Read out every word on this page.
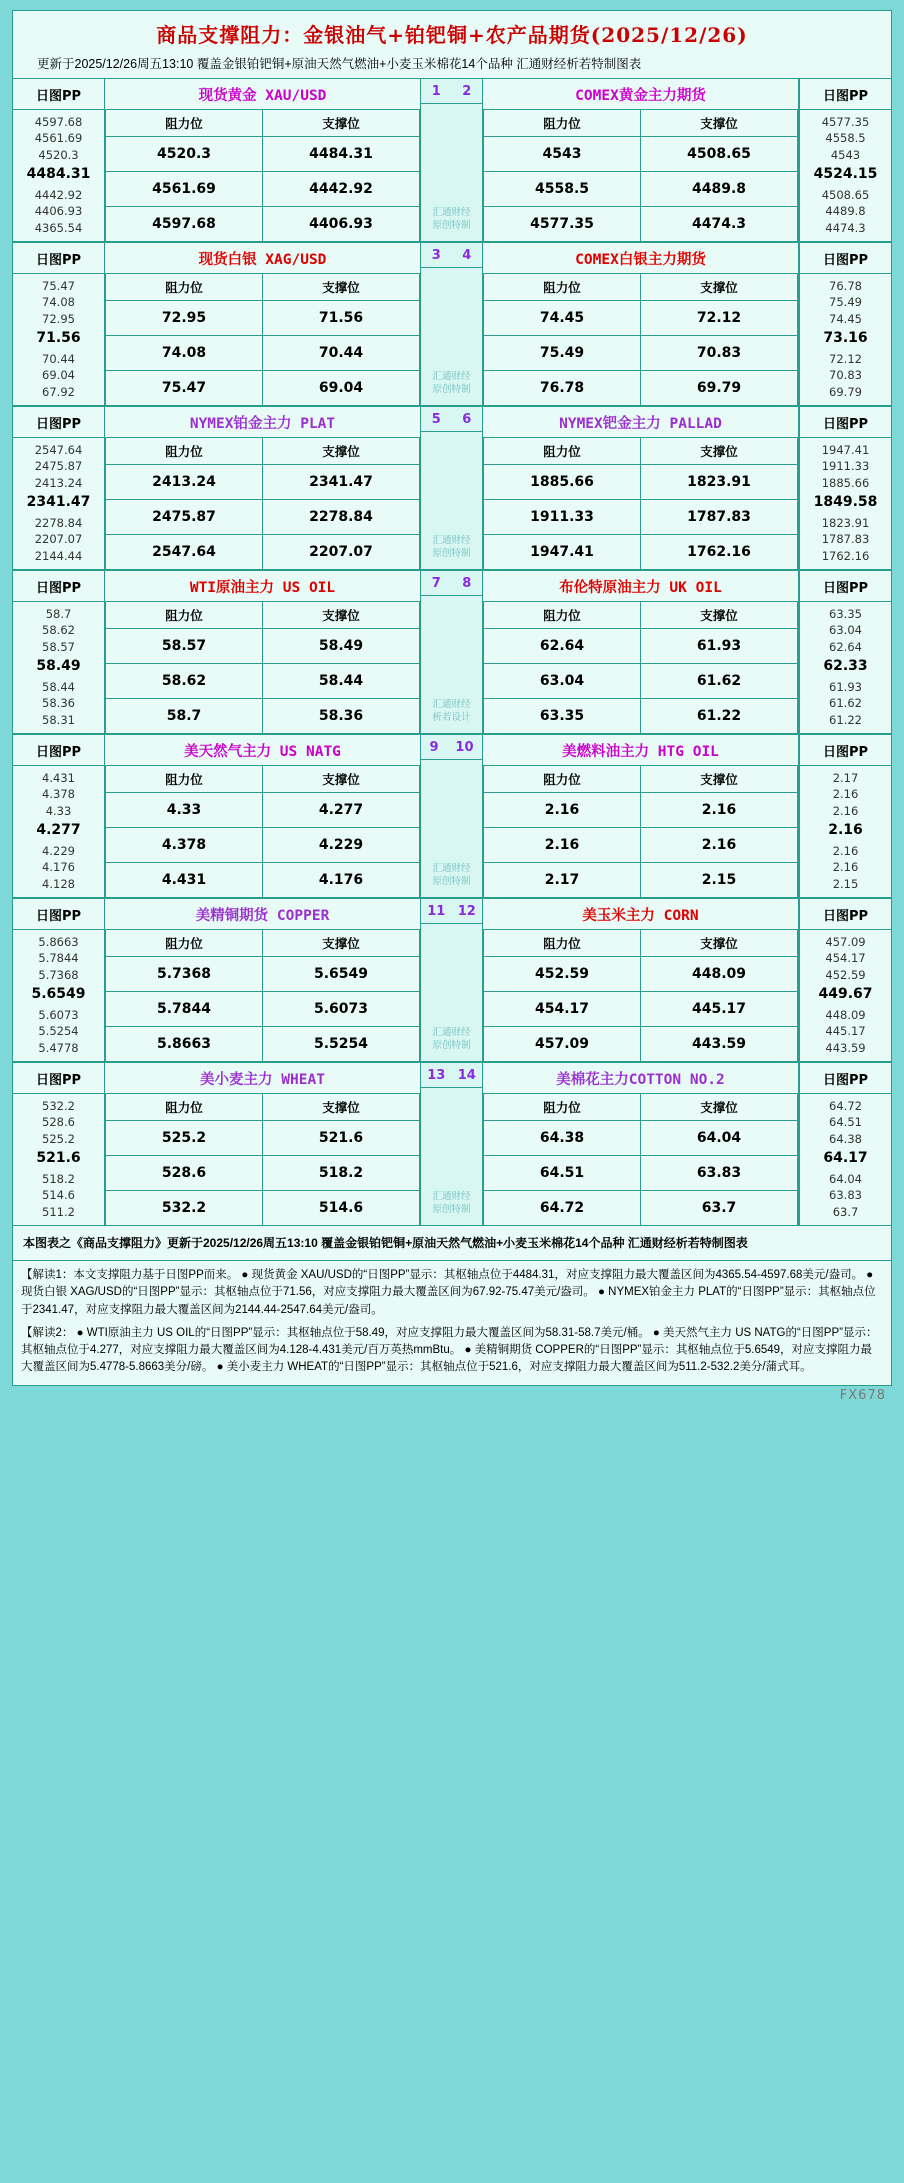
商品支撑阻力：金银油气+铂钯铜+农产品期货(2025/12/26)
更新于2025/12/26周五13:10 覆盖金银铂钯铜+原油天然气燃油+小麦玉米棉花14个品种 汇通财经析若特制图表
日图PP
4597.68
4561.69
4520.3
4484.31
4442.92
4406.93
4365.54
现货黄金 XAU/USD
阻力位	支撑位
4520.3	4484.31
4561.69	4442.92
4597.68	4406.93
1 2
汇通财经
原创特制
COMEX黄金主力期货
阻力位	支撑位
4543	4508.65
4558.5	4489.8
4577.35	4474.3
日图PP
4577.35
4558.5
4543
4524.15
4508.65
4489.8
4474.3
日图PP
75.47
74.08
72.95
71.56
70.44
69.04
67.92
现货白银 XAG/USD
阻力位	支撑位
72.95	71.56
74.08	70.44
75.47	69.04
3 4
汇通财经
原创特制
COMEX白银主力期货
阻力位	支撑位
74.45	72.12
75.49	70.83
76.78	69.79
日图PP
76.78
75.49
74.45
73.16
72.12
70.83
69.79
日图PP
2547.64
2475.87
2413.24
2341.47
2278.84
2207.07
2144.44
NYMEX铂金主力 PLAT
阻力位	支撑位
2413.24	2341.47
2475.87	2278.84
2547.64	2207.07
5 6
汇通财经
原创特制
NYMEX钯金主力 PALLAD
阻力位	支撑位
1885.66	1823.91
1911.33	1787.83
1947.41	1762.16
日图PP
1947.41
1911.33
1885.66
1849.58
1823.91
1787.83
1762.16
日图PP
58.7
58.62
58.57
58.49
58.44
58.36
58.31
WTI原油主力 US OIL
阻力位	支撑位
58.57	58.49
58.62	58.44
58.7	58.36
7 8
汇通财经
析若设计
布伦特原油主力 UK OIL
阻力位	支撑位
62.64	61.93
63.04	61.62
63.35	61.22
日图PP
63.35
63.04
62.64
62.33
61.93
61.62
61.22
日图PP
4.431
4.378
4.33
4.277
4.229
4.176
4.128
美天然气主力 US NATG
阻力位	支撑位
4.33	4.277
4.378	4.229
4.431	4.176
9 10
汇通财经
原创特制
美燃料油主力 HTG OIL
阻力位	支撑位
2.16	2.16
2.16	2.16
2.17	2.15
日图PP
2.17
2.16
2.16
2.16
2.16
2.16
2.15
日图PP
5.8663
5.7844
5.7368
5.6549
5.6073
5.5254
5.4778
美精铜期货 COPPER
阻力位	支撑位
5.7368	5.6549
5.7844	5.6073
5.8663	5.5254
11 12
汇通财经
原创特制
美玉米主力 CORN
阻力位	支撑位
452.59	448.09
454.17	445.17
457.09	443.59
日图PP
457.09
454.17
452.59
449.67
448.09
445.17
443.59
日图PP
532.2
528.6
525.2
521.6
518.2
514.6
511.2
美小麦主力 WHEAT
阻力位	支撑位
525.2	521.6
528.6	518.2
532.2	514.6
13 14
汇通财经
原创特制
美棉花主力COTTON NO.2
阻力位	支撑位
64.38	64.04
64.51	63.83
64.72	63.7
日图PP
64.72
64.51
64.38
64.17
64.04
63.83
63.7
本图表之《商品支撑阻力》更新于2025/12/26周五13:10 覆盖金银铂钯铜+原油天然气燃油+小麦玉米棉花14个品种 汇通财经析若特制图表

【解读1：本文支撑阻力基于日图PP而来。 ● 现货黄金 XAU/USD的“日图PP”显示：其枢轴点位于4484.31，对应支撑阻力最大覆盖区间为4365.54-4597.68美元/盎司。 ● 现货白银 XAG/USD的“日图PP”显示：其枢轴点位于71.56，对应支撑阻力最大覆盖区间为67.92-75.47美元/盎司。 ● NYMEX铂金主力 PLAT的“日图PP”显示：其枢轴点位于2341.47，对应支撑阻力最大覆盖区间为2144.44-2547.64美元/盎司。

【解读2： ● WTI原油主力 US OIL的“日图PP”显示：其枢轴点位于58.49，对应支撑阻力最大覆盖区间为58.31-58.7美元/桶。 ● 美天然气主力 US NATG的“日图PP”显示：其枢轴点位于4.277，对应支撑阻力最大覆盖区间为4.128-4.431美元/百万英热mmBtu。 ● 美精铜期货 COPPER的“日图PP”显示：其枢轴点位于5.6549，对应支撑阻力最大覆盖区间为5.4778-5.8663美分/磅。 ● 美小麦主力 WHEAT的“日图PP”显示：其枢轴点位于521.6，对应支撑阻力最大覆盖区间为511.2-532.2美分/蒲式耳。

FX678
